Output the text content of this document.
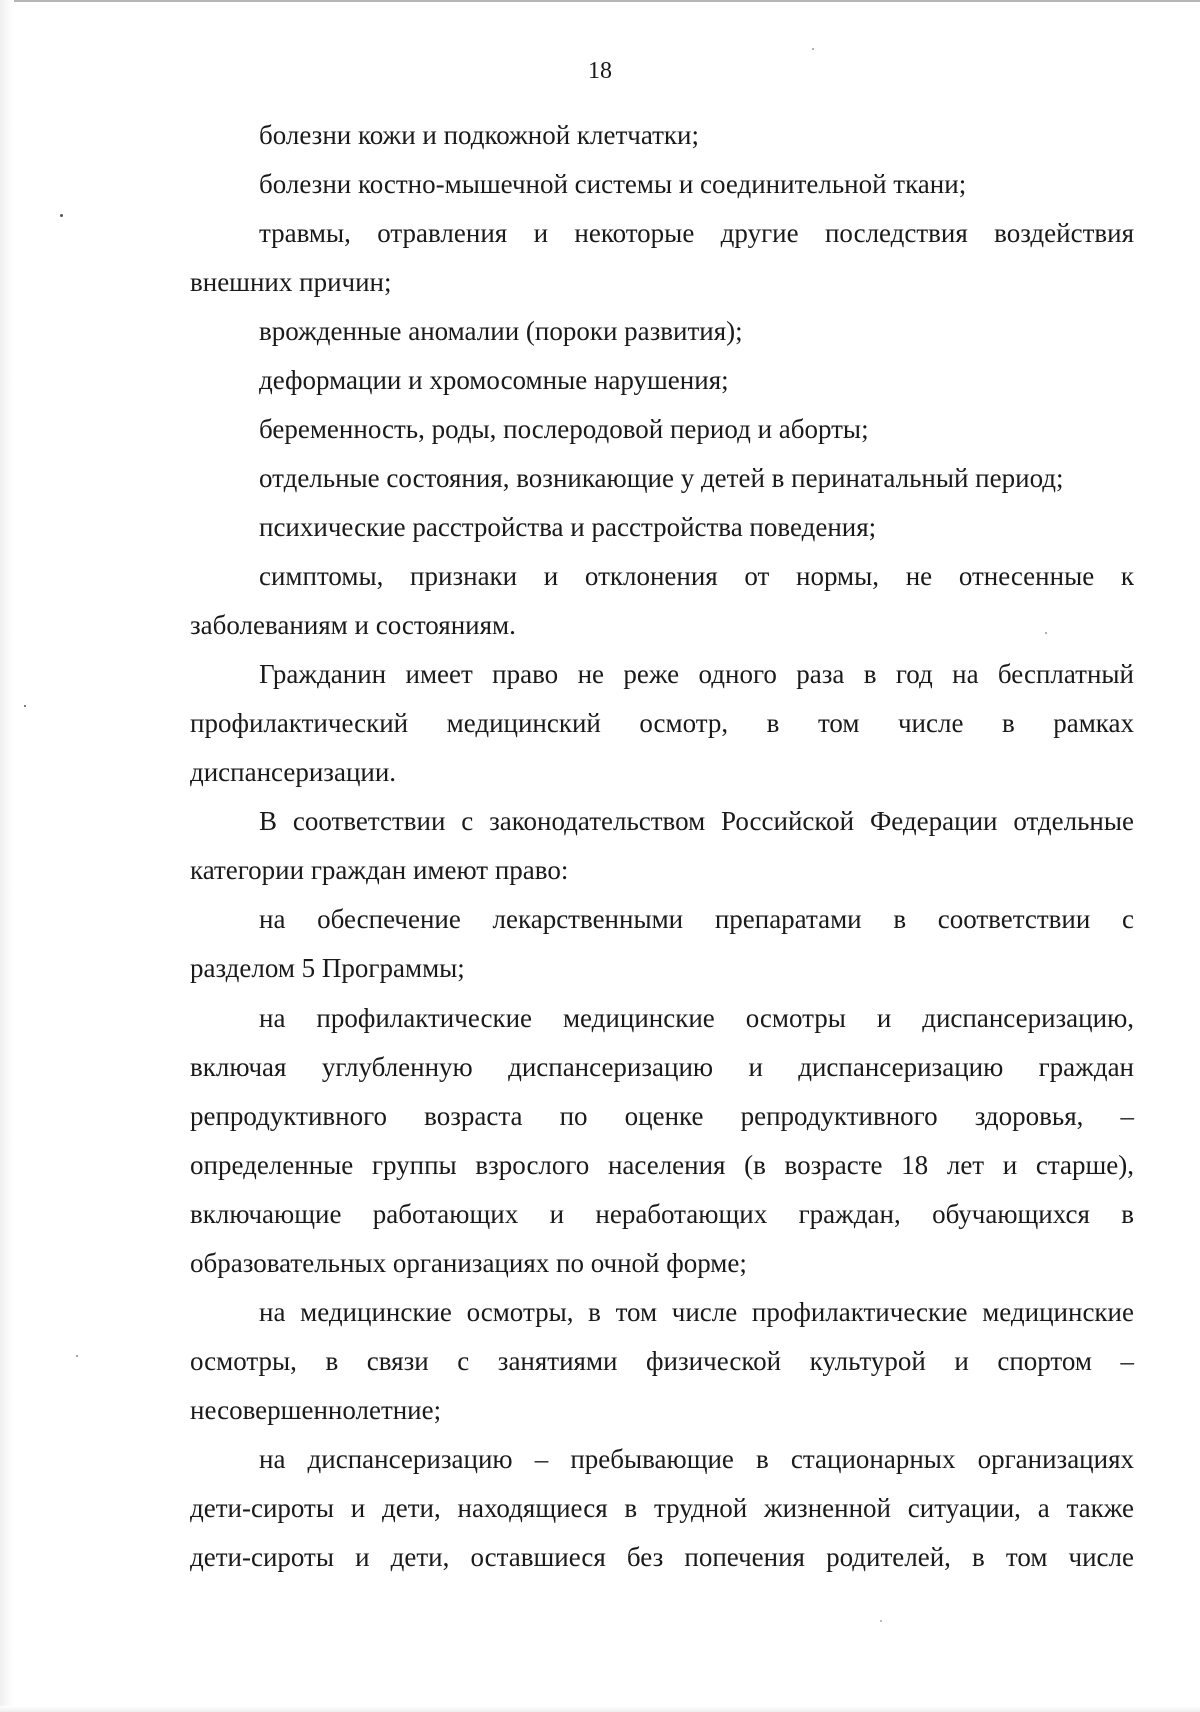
18
болезни кожи и подкожной клетчатки;
болезни костно-мышечной системы и соединительной ткани;
травмы, отравления и некоторые другие последствия воздействия
внешних причин;
врожденные аномалии (пороки развития);
деформации и хромосомные нарушения;
беременность, роды, послеродовой период и аборты;
отдельные состояния, возникающие у детей в перинатальный период;
психические расстройства и расстройства поведения;
симптомы, признаки и отклонения от нормы, не отнесенные к
заболеваниям и состояниям.
Гражданин имеет право не реже одного раза в год на бесплатный
профилактический медицинский осмотр, в том числе в рамках
диспансеризации.
В соответствии с законодательством Российской Федерации отдельные
категории граждан имеют право:
на обеспечение лекарственными препаратами в соответствии с
разделом 5 Программы;
на профилактические медицинские осмотры и диспансеризацию,
включая углубленную диспансеризацию и диспансеризацию граждан
репродуктивного возраста по оценке репродуктивного здоровья, –
определенные группы взрослого населения (в возрасте 18 лет и старше),
включающие работающих и неработающих граждан, обучающихся в
образовательных организациях по очной форме;
на медицинские осмотры, в том числе профилактические медицинские
осмотры, в связи с занятиями физической культурой и спортом –
несовершеннолетние;
на диспансеризацию – пребывающие в стационарных организациях
дети-сироты и дети, находящиеся в трудной жизненной ситуации, а также
дети-сироты и дети, оставшиеся без попечения родителей, в том числе
